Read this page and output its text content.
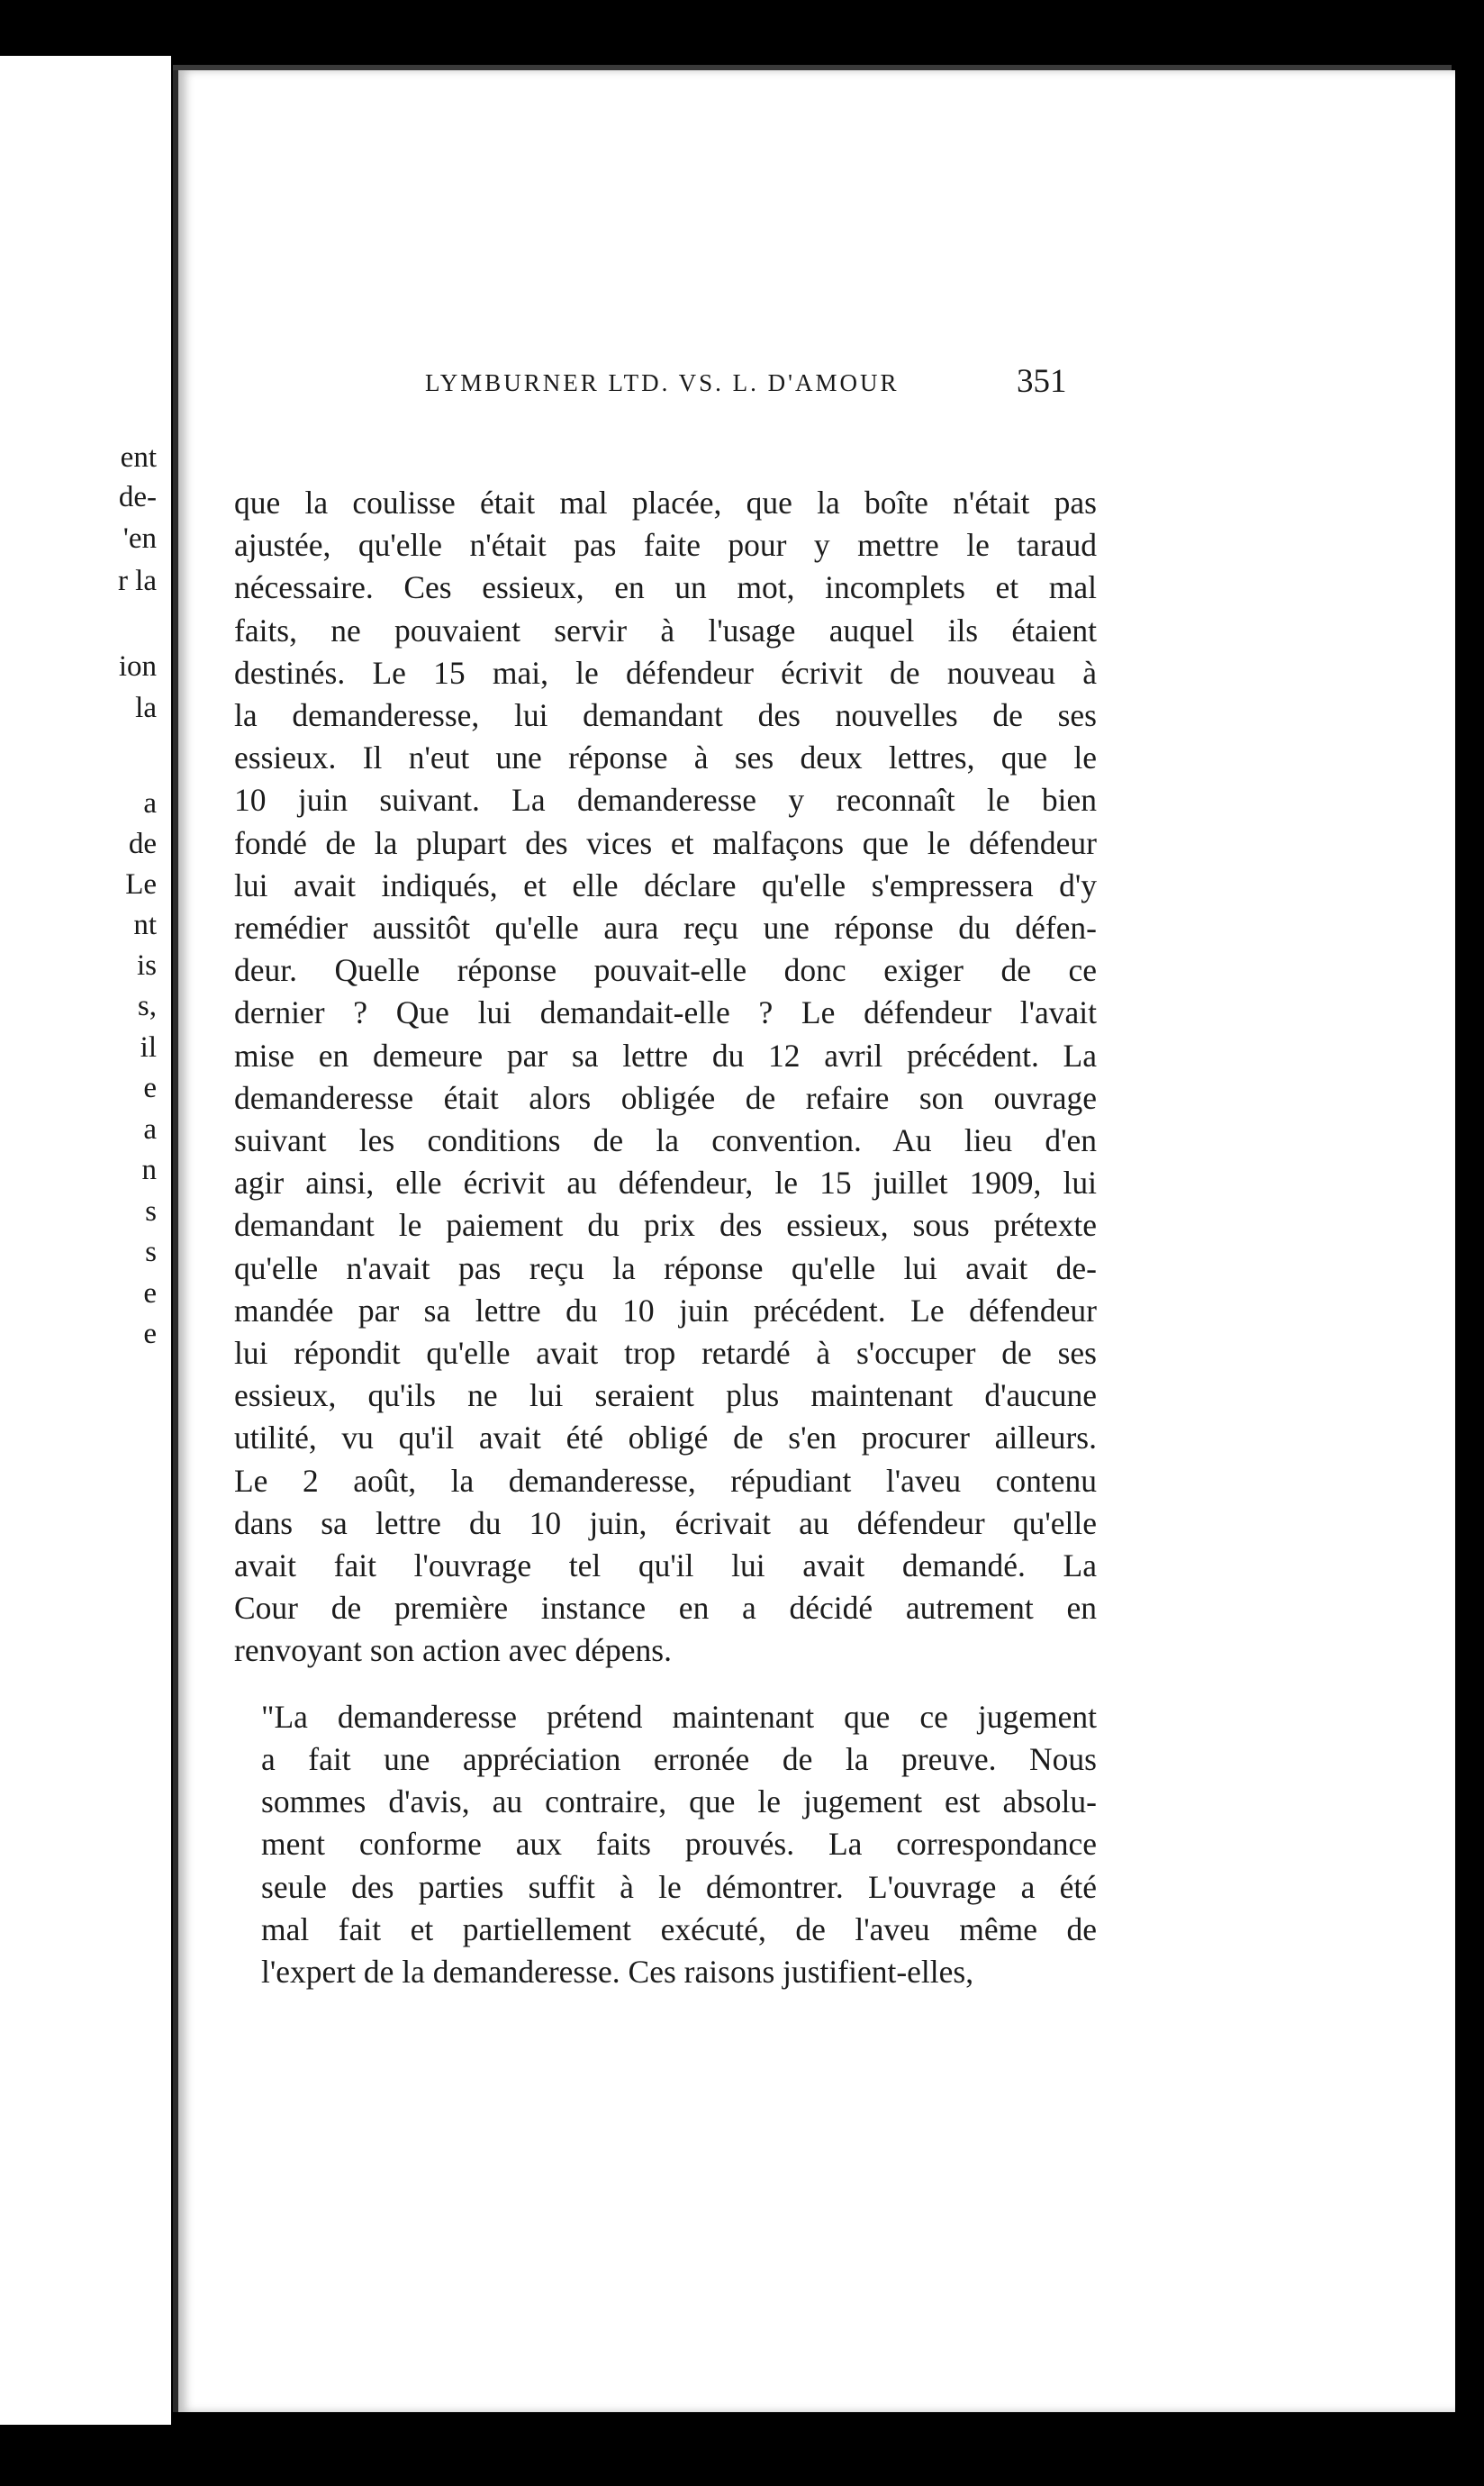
ent
de-
'en
r la
ion
la
a
de
Le
nt
is
s,
il
e
a
n
s
s
e
e
LYMBURNER LTD. VS. L. D'AMOUR	351
que la coulisse était mal placée, que la boîte n'était pas
ajustée, qu'elle n'était pas faite pour y mettre le taraud
nécessaire. Ces essieux, en un mot, incomplets et mal
faits, ne pouvaient servir à l'usage auquel ils étaient
destinés. Le 15 mai, le défendeur écrivit de nouveau à
la demanderesse, lui demandant des nouvelles de ses
essieux. Il n'eut une réponse à ses deux lettres, que le
10 juin suivant. La demanderesse y reconnaît le bien
fondé de la plupart des vices et malfaçons que le défendeur
lui avait indiqués, et elle déclare qu'elle s'empressera d'y
remédier aussitôt qu'elle aura reçu une réponse du défen-
deur. Quelle réponse pouvait-elle donc exiger de ce
dernier ? Que lui demandait-elle ? Le défendeur l'avait
mise en demeure par sa lettre du 12 avril précédent. La
demanderesse était alors obligée de refaire son ouvrage
suivant les conditions de la convention. Au lieu d'en
agir ainsi, elle écrivit au défendeur, le 15 juillet 1909, lui
demandant le paiement du prix des essieux, sous prétexte
qu'elle n'avait pas reçu la réponse qu'elle lui avait de-
mandée par sa lettre du 10 juin précédent. Le défendeur
lui répondit qu'elle avait trop retardé à s'occuper de ses
essieux, qu'ils ne lui seraient plus maintenant d'aucune
utilité, vu qu'il avait été obligé de s'en procurer ailleurs.
Le 2 août, la demanderesse, répudiant l'aveu contenu
dans sa lettre du 10 juin, écrivait au défendeur qu'elle
avait fait l'ouvrage tel qu'il lui avait demandé. La
Cour de première instance en a décidé autrement en
renvoyant son action avec dépens.
"La demanderesse prétend maintenant que ce jugement
a fait une appréciation erronée de la preuve. Nous
sommes d'avis, au contraire, que le jugement est absolu-
ment conforme aux faits prouvés. La correspondance
seule des parties suffit à le démontrer. L'ouvrage a été
mal fait et partiellement exécuté, de l'aveu même de
l'expert de la demanderesse. Ces raisons justifient-elles,
